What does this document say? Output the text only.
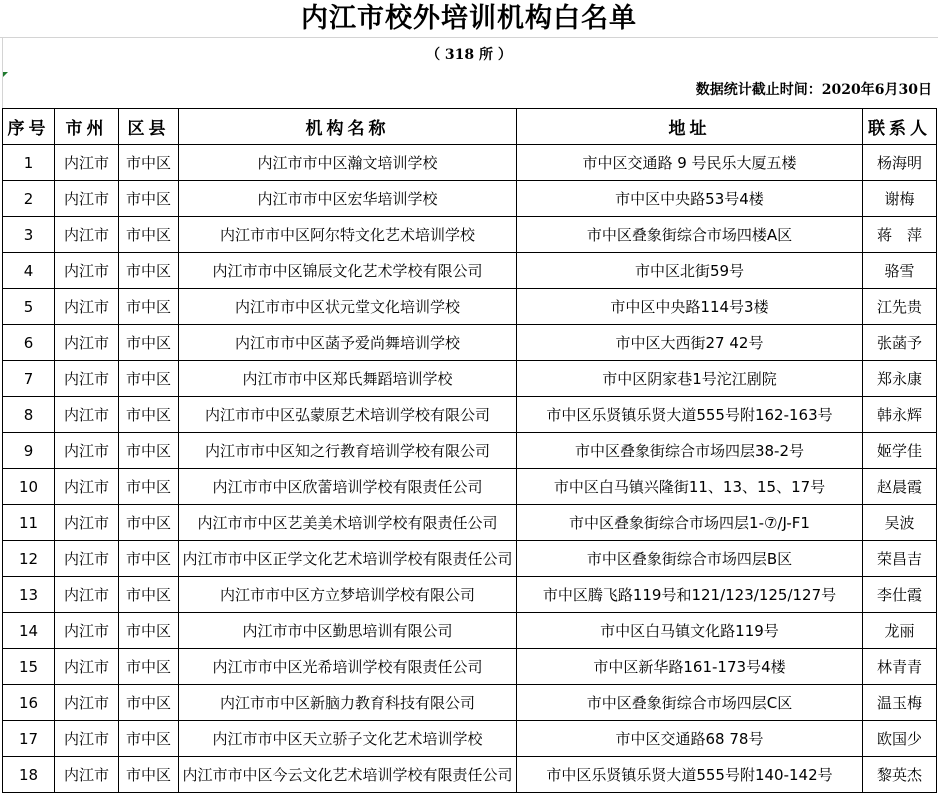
内江市校外培训机构白名单
（ 318 所 ）
数据统计截止时间：2020年6月30日
序号	市州	区县	机构名称	地址	联系人
1	内江市	市中区	内江市市中区瀚文培训学校	市中区交通路 9 号民乐大厦五楼	杨海明
2	内江市	市中区	内江市市中区宏华培训学校	市中区中央路53号4楼	谢梅
3	内江市	市中区	内江市市中区阿尔特文化艺术培训学校	市中区叠象街综合市场四楼A区	蒋　萍
4	内江市	市中区	内江市市中区锦辰文化艺术学校有限公司	市中区北街59号	骆雪
5	内江市	市中区	内江市市中区状元堂文化培训学校	市中区中央路114号3楼	江先贵
6	内江市	市中区	内江市市中区菡予爱尚舞培训学校	市中区大西街27 42号	张菡予
7	内江市	市中区	内江市市中区郑氏舞蹈培训学校	市中区阴家巷1号沱江剧院	郑永康
8	内江市	市中区	内江市市中区弘蒙原艺术培训学校有限公司	市中区乐贤镇乐贤大道555号附162-163号	韩永辉
9	内江市	市中区	内江市市中区知之行教育培训学校有限公司	市中区叠象街综合市场四层38-2号	姬学佳
10	内江市	市中区	内江市市中区欣蕾培训学校有限责任公司	市中区白马镇兴隆街11、13、15、17号	赵晨霞
11	内江市	市中区	内江市市中区艺美美术培训学校有限责任公司	市中区叠象街综合市场四层1-⑦/J-F1	吴波
12	内江市	市中区	内江市市中区正学文化艺术培训学校有限责任公司	市中区叠象街综合市场四层B区	荣昌吉
13	内江市	市中区	内江市市中区方立梦培训学校有限公司	市中区腾飞路119号和121/123/125/127号	李仕霞
14	内江市	市中区	内江市市中区勤思培训有限公司	市中区白马镇文化路119号	龙丽
15	内江市	市中区	内江市市中区光希培训学校有限责任公司	市中区新华路161-173号4楼	林青青
16	内江市	市中区	内江市市中区新脑力教育科技有限公司	市中区叠象街综合市场四层C区	温玉梅
17	内江市	市中区	内江市市中区天立骄子文化艺术培训学校	市中区交通路68 78号	欧国少
18	内江市	市中区	内江市市中区今云文化艺术培训学校有限责任公司	市中区乐贤镇乐贤大道555号附140-142号	黎英杰
